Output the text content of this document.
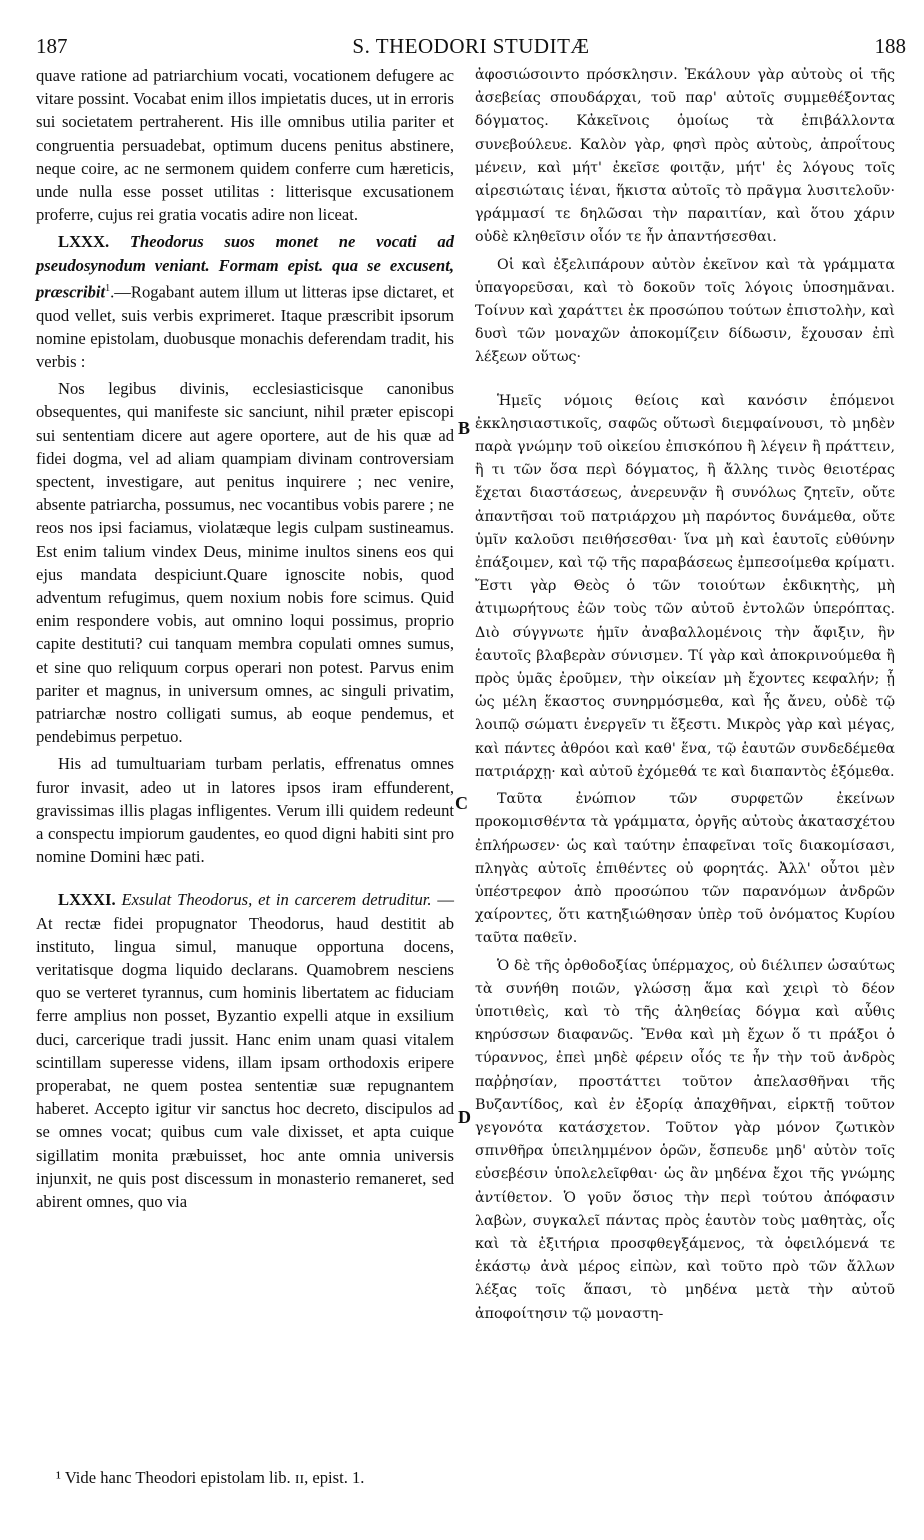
187	S. THEODORI STUDITÆ	188

quave ratione ad patriarchium vocati, vocationem defugere ac vitare possint. Vocabat enim illos impietatis duces, ut in erroris sui societatem pertraherent. His ille omnibus utilia pariter et congruentia persuadebat, optimum ducens penitus abstinere, neque coire, ac ne sermonem quidem conferre cum hæreticis, unde nulla esse posset utilitas : litterisque excusationem proferre, cujus rei gratia vocatis adire non liceat.

LXXX. Theodorus suos monet ne vocati ad pseudosynodum veniant. Formam epist. qua se excusent, præscribit$^1$.—Rogabant autem illum ut litteras ipse dictaret, et quod vellet, suis verbis exprimeret. Itaque præscribit ipsorum nomine epistolam, duobusque monachis deferendam tradit, his verbis :

Nos legibus divinis, ecclesiasticisque canonibus obsequentes, qui manifeste sic sanciunt, nihil præter episcopi sui sententiam dicere aut agere oportere, aut de his quæ ad fidei dogma, vel ad aliam quampiam divinam controversiam spectent, investigare, aut penitus inquirere ; nec venire, absente patriarcha, possumus, nec vocantibus vobis parere ; ne reos nos ipsi faciamus, violatæque legis culpam sustineamus. Est enim talium vindex Deus, minime inultos sinens eos qui ejus mandata despiciunt.Quare ignoscite nobis, quod adventum refugimus, quem noxium nobis fore scimus. Quid enim respondere vobis, aut omnino loqui possimus, proprio capite destituti? cui tanquam membra copulati omnes sumus, et sine quo reliquum corpus operari non potest. Parvus enim pariter et magnus, in universum omnes, ac singuli privatim, patriarchæ nostro colligati sumus, ab eoque pendemus, et pendebimus perpetuo.

His ad tumultuariam turbam perlatis, effrenatus omnes furor invasit, adeo ut in latores ipsos iram effunderent, gravissimas illis plagas infligentes. Verum illi quidem redeunt a conspectu impiorum gaudentes, eo quod digni habiti sint pro nomine Domini hæc pati.

LXXXI. Exsulat Theodorus, et in carcerem detruditur. — At rectæ fidei propugnator Theodorus, haud destitit ab instituto, lingua simul, manuque opportuna docens, veritatisque dogma liquido declarans. Quamobrem nesciens quo se verteret tyrannus, cum hominis libertatem ac fiduciam ferre amplius non posset, Byzantio expelli atque in exsilium duci, carcerique tradi jussit. Hanc enim unam quasi vitalem scintillam superesse videns, illam ipsam orthodoxis eripere properabat, ne quem postea sententiæ suæ repugnantem haberet. Accepto igitur vir sanctus hoc decreto, discipulos ad se omnes vocat; quibus cum vale dixisset, et apta cuique sigillatim monita præbuisset, hoc ante omnia universis injunxit, ne quis post discessum in monasterio remaneret, sed abirent omnes, quo via

B
C
D

ἀφοσιώσοιντο πρόσκλησιν. Ἐκάλουν γὰρ αὐτοὺς οἱ τῆς ἀσεβείας σπουδάρχαι, τοῦ παρ' αὐτοῖς συμμεθέξοντας δόγματος. Κἀκεῖνοις ὁμοίως τὰ ἐπιβάλλοντα συνεβούλευε. Καλὸν γὰρ, φησὶ πρὸς αὐτοὺς, ἀπροΐτους μένειν, καὶ μήτ' ἐκεῖσε φοιτᾷν, μήτ' ἐς λόγους τοῖς αἱρεσιώταις ἰέναι, ἥκιστα αὐτοῖς τὸ πρᾶγμα λυσιτελοῦν· γράμμασί τε δηλῶσαι τὴν παραιτίαν, καὶ ὅτου χάριν οὐδὲ κληθεῖσιν οἷόν τε ἦν ἀπαντήσεσθαι.

Οἱ καὶ ἐξελιπάρουν αὐτὸν ἐκεῖνον καὶ τὰ γράμματα ὑπαγορεῦσαι, καὶ τὸ δοκοῦν τοῖς λόγοις ὑποσημᾶναι. Τοίνυν καὶ χαράττει ἐκ προσώπου τούτων ἐπιστολὴν, καὶ δυσὶ τῶν μοναχῶν ἀποκομίζειν δίδωσιν, ἔχουσαν ἐπὶ λέξεων οὕτως·

Ἡμεῖς νόμοις θείοις καὶ κανόσιν ἑπόμενοι ἐκκλησιαστικοῖς, σαφῶς οὕτωσὶ διεμφαίνουσι, τὸ μηδὲν παρὰ γνώμην τοῦ οἰκείου ἐπισκόπου ἢ λέγειν ἢ πράττειν, ἢ τι τῶν ὅσα περὶ δόγματος, ἢ ἄλλης τινὸς θειοτέρας ἔχεται διαστάσεως, ἀνερευνᾷν ἢ συνόλως ζητεῖν, οὔτε ἀπαντῆσαι τοῦ πατριάρχου μὴ παρόντος δυνάμεθα, οὔτε ὑμῖν καλοῦσι πειθήσεσθαι· ἵνα μὴ καὶ ἑαυτοῖς εὐθύνην ἐπάξοιμεν, καὶ τῷ τῆς παραβάσεως ἐμπεσοίμεθα κρίματι. Ἔστι γὰρ Θεὸς ὁ τῶν τοιούτων ἐκδικητὴς, μὴ ἀτιμωρήτους ἐῶν τοὺς τῶν αὐτοῦ ἐντολῶν ὑπερόπτας. Διὸ σύγγνωτε ἡμῖν ἀναβαλλομένοις τὴν ἄφιξιν, ἣν ἑαυτοῖς βλαβερὰν σύνισμεν. Τί γὰρ καὶ ἀποκρινούμεθα ἢ πρὸς ὑμᾶς ἐροῦμεν, τὴν οἰκείαν μὴ ἔχοντες κεφαλήν; ᾗ ὡς μέλη ἕκαστος συνηρμόσμεθα, καὶ ἧς ἄνευ, οὐδὲ τῷ λοιπῷ σώματι ἐνεργεῖν τι ἔξεστι. Μικρὸς γὰρ καὶ μέγας, καὶ πάντες ἀθρόοι καὶ καθ' ἕνα, τῷ ἑαυτῶν συνδεδέμεθα πατριάρχῃ· καὶ αὐτοῦ ἐχόμεθά τε καὶ διαπαντὸς ἑξόμεθα.

Ταῦτα ἐνώπιον τῶν συρφετῶν ἐκείνων προκομισθέντα τὰ γράμματα, ὀργῆς αὐτοὺς ἀκατασχέτου ἐπλήρωσεν· ὡς καὶ ταύτην ἐπαφεῖναι τοῖς διακομίσασι, πληγὰς αὐτοῖς ἐπιθέντες οὐ φορητάς. Ἀλλ' οὗτοι μὲν ὑπέστρεφον ἀπὸ προσώπου τῶν παρανόμων ἀνδρῶν χαίροντες, ὅτι κατηξιώθησαν ὑπὲρ τοῦ ὀνόματος Κυρίου ταῦτα παθεῖν.

Ὁ δὲ τῆς ὀρθοδοξίας ὑπέρμαχος, οὐ διέλιπεν ὡσαύτως τὰ συνήθη ποιῶν, γλώσσῃ ἅμα καὶ χειρὶ τὸ δέον ὑποτιθεὶς, καὶ τὸ τῆς ἀληθείας δόγμα καὶ αὖθις κηρύσσων διαφανῶς. Ἔνθα καὶ μὴ ἔχων ὅ τι πράξοι ὁ τύραννος, ἐπεὶ μηδὲ φέρειν οἷός τε ἦν τὴν τοῦ ἀνδρὸς παῤῥησίαν, προστάττει τοῦτον ἀπελασθῆναι τῆς Βυζαντίδος, καὶ ἐν ἐξορίᾳ ἀπαχθῆναι, εἱρκτῇ τοῦτον γεγονότα κατάσχετον. Τοῦτον γὰρ μόνον ζωτικὸν σπινθῆρα ὑπειλημμένον ὁρῶν, ἔσπευδε μηδ' αὐτὸν τοῖς εὐσεβέσιν ὑπολελεῖφθαι· ὡς ἂν μηδένα ἔχοι τῆς γνώμης ἀντίθετον. Ὁ γοῦν ὅσιος τὴν περὶ τούτου ἀπόφασιν λαβὼν, συγκαλεῖ πάντας πρὸς ἑαυτὸν τοὺς μαθητὰς, οἷς καὶ τὰ ἐξιτήρια προσφθεγξάμενος, τὰ ὀφειλόμενά τε ἑκάστῳ ἀνὰ μέρος εἰπὼν, καὶ τοῦτο πρὸ τῶν ἄλλων λέξας τοῖς ἅπασι, τὸ μηδένα μετὰ τὴν αὐτοῦ ἀποφοίτησιν τῷ μοναστη-

¹ Vide hanc Theodori epistolam lib. ɪɪ, epist. 1.
